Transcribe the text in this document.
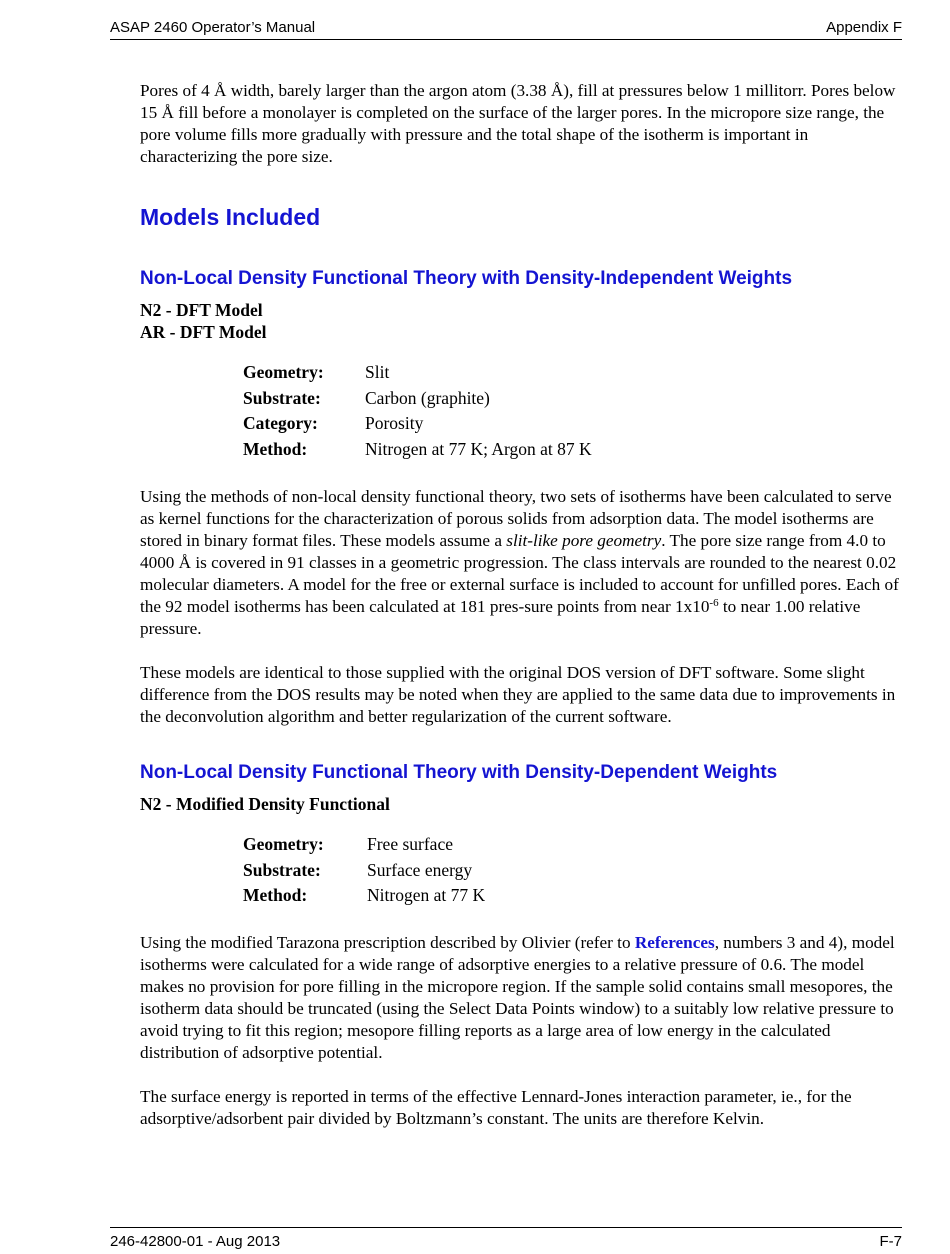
ASAP 2460 Operator’s Manual	Appendix F

Pores of 4 Å width, barely larger than the argon atom (3.38 Å), fill at pressures below 1 millitorr. Pores below 15 Å fill before a monolayer is completed on the surface of the larger pores. In the micropore size range, the pore volume fills more gradually with pressure and the total shape of the isotherm is important in characterizing the pore size.

Models Included
Non-Local Density Functional Theory with Density-Independent Weights
N2 - DFT Model
AR - DFT Model
Geometry:	Slit
Substrate:	Carbon (graphite)
Category:	Porosity
Method:	Nitrogen at 77 K; Argon at 87 K

Using the methods of non-local density functional theory, two sets of isotherms have been calculated to serve as kernel functions for the characterization of porous solids from adsorption data. The model isotherms are stored in binary format files. These models assume a slit-like pore geometry. The pore size range from 4.0 to 4000 Å is covered in 91 classes in a geometric progression. The class intervals are rounded to the nearest 0.02 molecular diameters. A model for the free or external surface is included to account for unfilled pores. Each of the 92 model isotherms has been calculated at 181 pres-sure points from near $1x10^{-6}$ to near 1.00 relative pressure.

These models are identical to those supplied with the original DOS version of DFT software. Some slight difference from the DOS results may be noted when they are applied to the same data due to improvements in the deconvolution algorithm and better regularization of the current software.

Non-Local Density Functional Theory with Density-Dependent Weights
N2 - Modified Density Functional
Geometry:	Free surface
Substrate:	Surface energy
Method:	Nitrogen at 77 K

Using the modified Tarazona prescription described by Olivier (refer to References, numbers 3 and 4), model isotherms were calculated for a wide range of adsorptive energies to a relative pressure of 0.6. The model makes no provision for pore filling in the micropore region. If the sample solid contains small mesopores, the isotherm data should be truncated (using the Select Data Points window) to a suitably low relative pressure to avoid trying to fit this region; mesopore filling reports as a large area of low energy in the calculated distribution of adsorptive potential.

The surface energy is reported in terms of the effective Lennard-Jones interaction parameter, ie., for the adsorptive/adsorbent pair divided by Boltzmann’s constant. The units are therefore Kelvin.

246-42800-01 - Aug 2013	F-7
